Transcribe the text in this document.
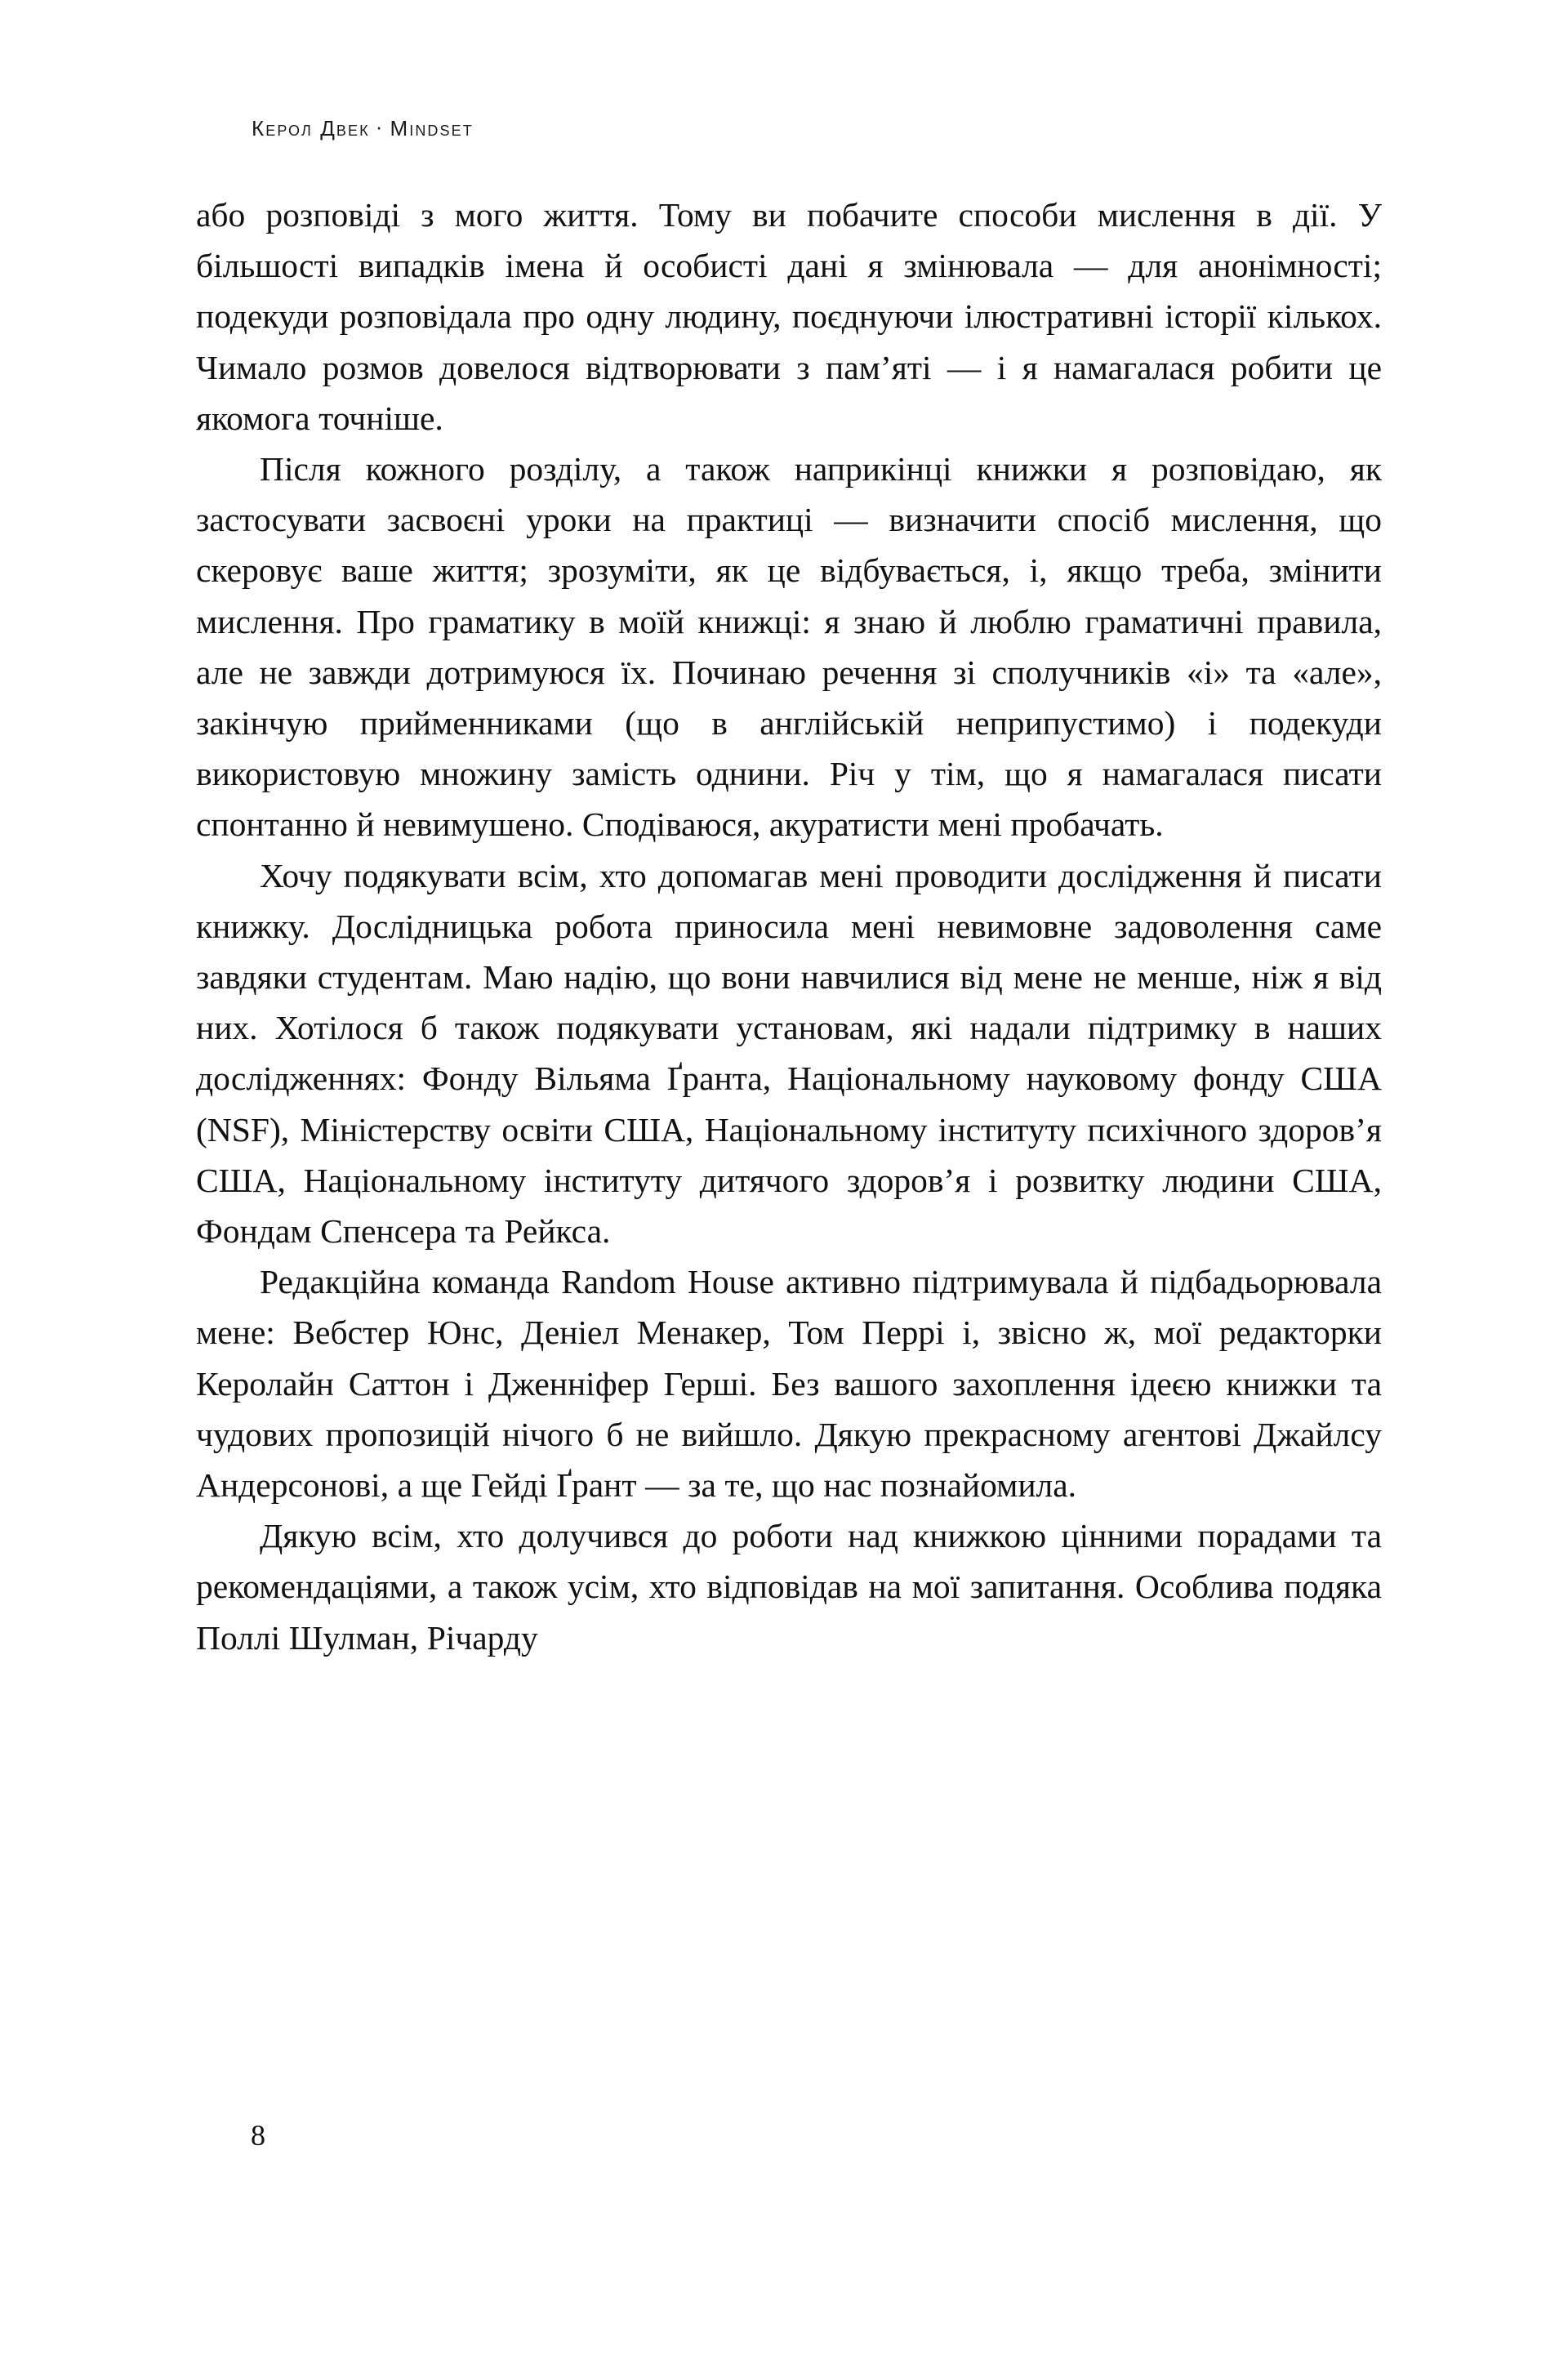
Керол Двек · Mindset

або розповіді з мого життя. Тому ви побачите способи мислення в дії. У більшості випадків імена й особисті дані я змінювала — для анонімності; подекуди розповідала про одну людину, поєднуючи ілюстративні історії кількох. Чимало розмов довелося відтворювати з пам’яті — і я намагалася робити це якомога точніше.

Після кожного розділу, а також наприкінці книжки я розповідаю, як застосувати засвоєні уроки на практиці — визначити спосіб мислення, що скеровує ваше життя; зрозуміти, як це відбувається, і, якщо треба, змінити мислення. Про граматику в моїй книжці: я знаю й люблю граматичні правила, але не завжди дотримуюся їх. Починаю речення зі сполучників «і» та «але», закінчую прийменниками (що в англійській неприпустимо) і подекуди використовую множину замість однини. Річ у тім, що я намагалася писати спонтанно й невимушено. Сподіваюся, акуратисти мені пробачать.

Хочу подякувати всім, хто допомагав мені проводити дослідження й писати книжку. Дослідницька робота приносила мені невимовне задоволення саме завдяки студентам. Маю надію, що вони навчилися від мене не менше, ніж я від них. Хотілося б також подякувати установам, які надали підтримку в наших дослідженнях: Фонду Вільяма Ґранта, Національному науковому фонду США (NSF), Міністерству освіти США, Національному інституту психічного здоров’я США, Національному інституту дитячого здоров’я і розвитку людини США, Фондам Спенсера та Рейкса.

Редакційна команда Random House активно підтримувала й підбадьорювала мене: Вебстер Юнс, Деніел Менакер, Том Перрі і, звісно ж, мої редакторки Керолайн Саттон і Дженніфер Герші. Без вашого захоплення ідеєю книжки та чудових пропозицій нічого б не вийшло. Дякую прекрасному агентові Джайлсу Андерсонові, а ще Гейді Ґрант — за те, що нас познайомила.

Дякую всім, хто долучився до роботи над книжкою цінними порадами та рекомендаціями, а також усім, хто відповідав на мої запитання. Особлива подяка Поллі Шулман, Річарду

8
